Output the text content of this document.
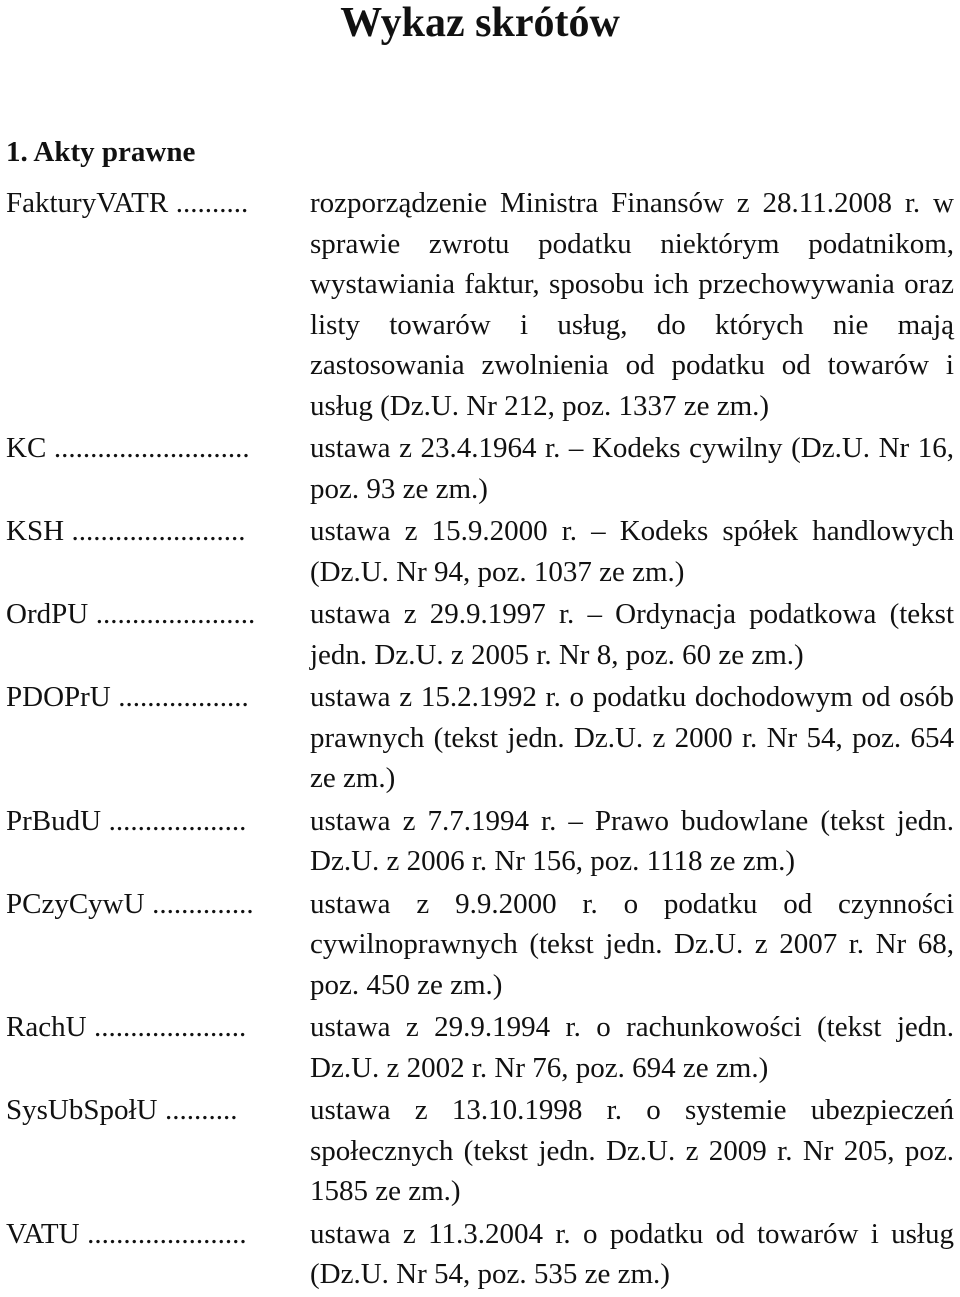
Wykaz skrótów
1. Akty prawne
FakturyVATR ..........	rozporządzenie Ministra Finansów z 28.11.2008 r. w sprawie zwrotu podatku niektórym podatnikom, wystawiania faktur, sposobu ich przechowywania oraz listy towarów i usług, do których nie mają zastosowania zwolnienia od podatku od towarów i usług (Dz.U. Nr 212, poz. 1337 ze zm.)
KC ...........................	ustawa z 23.4.1964 r. – Kodeks cywilny (Dz.U. Nr 16, poz. 93 ze zm.)
KSH ........................	ustawa z 15.9.2000 r. – Kodeks spółek handlowych (Dz.U. Nr 94, poz. 1037 ze zm.)
OrdPU ......................	ustawa z 29.9.1997 r. – Ordynacja podatkowa (tekst jedn. Dz.U. z 2005 r. Nr 8, poz. 60 ze zm.)
PDOPrU ..................	ustawa z 15.2.1992 r. o podatku dochodowym od osób prawnych (tekst jedn. Dz.U. z 2000 r. Nr 54, poz. 654 ze zm.)
PrBudU ...................	ustawa z 7.7.1994 r. – Prawo budowlane (tekst jedn. Dz.U. z 2006 r. Nr 156, poz. 1118 ze zm.)
PCzyCywU ..............	ustawa z 9.9.2000 r. o podatku od czynności cywilnoprawnych (tekst jedn. Dz.U. z 2007 r. Nr 68, poz. 450 ze zm.)
RachU .....................	ustawa z 29.9.1994 r. o rachunkowości (tekst jedn. Dz.U. z 2002 r. Nr 76, poz. 694 ze zm.)
SysUbSpołU ..........	ustawa z 13.10.1998 r. o systemie ubezpieczeń społecznych (tekst jedn. Dz.U. z 2009 r. Nr 205, poz. 1585 ze zm.)
VATU ......................	ustawa z 11.3.2004 r. o podatku od towarów i usług (Dz.U. Nr 54, poz. 535 ze zm.)
